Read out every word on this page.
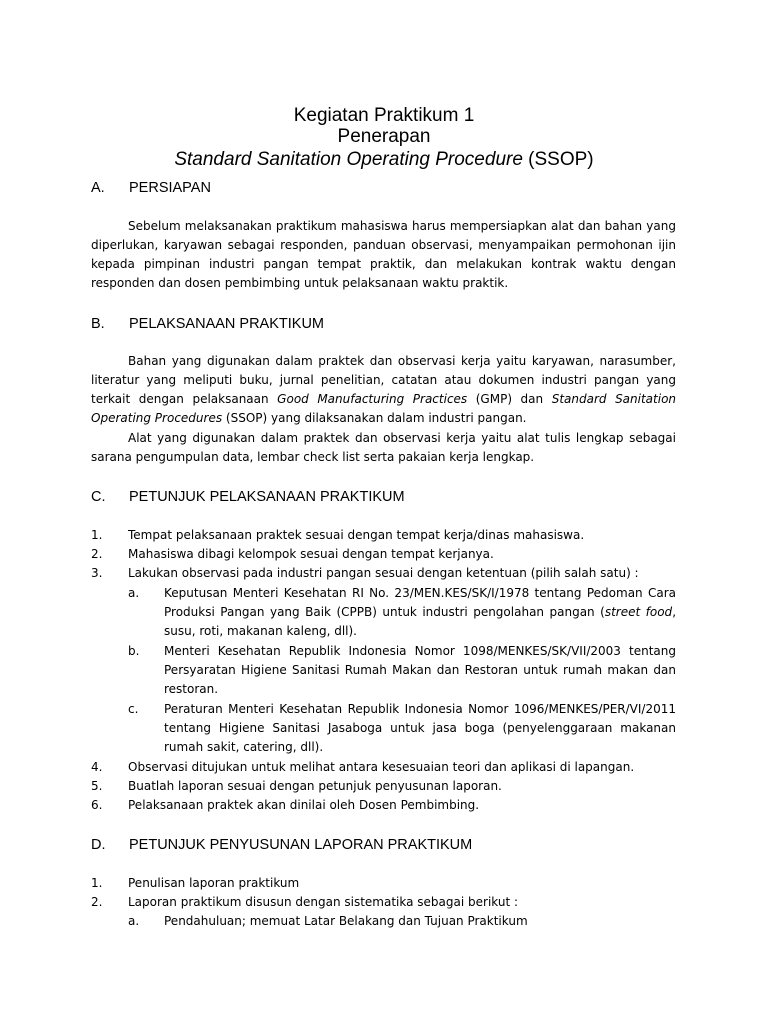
Kegiatan Praktikum 1
Penerapan
Standard Sanitation Operating Procedure (SSOP)
A. PERSIAPAN
Sebelum melaksanakan praktikum mahasiswa harus mempersiapkan alat dan bahan yang diperlukan, karyawan sebagai responden, panduan observasi, menyampaikan permohonan ijin kepada pimpinan industri pangan tempat praktik, dan melakukan kontrak waktu dengan responden dan dosen pembimbing untuk pelaksanaan waktu praktik.
B. PELAKSANAAN PRAKTIKUM
Bahan yang digunakan dalam praktek dan observasi kerja yaitu karyawan, narasumber, literatur yang meliputi buku, jurnal penelitian, catatan atau dokumen industri pangan yang terkait dengan pelaksanaan Good Manufacturing Practices (GMP) dan Standard Sanitation Operating Procedures (SSOP) yang dilaksanakan dalam industri pangan.
Alat yang digunakan dalam praktek dan observasi kerja yaitu alat tulis lengkap sebagai sarana pengumpulan data, lembar check list serta pakaian kerja lengkap.
C. PETUNJUK PELAKSANAAN PRAKTIKUM
1. Tempat pelaksanaan praktek sesuai dengan tempat kerja/dinas mahasiswa.
2. Mahasiswa dibagi kelompok sesuai dengan tempat kerjanya.
3. Lakukan observasi pada industri pangan sesuai dengan ketentuan (pilih salah satu) :
a. Keputusan Menteri Kesehatan RI No. 23/MEN.KES/SK/I/1978 tentang Pedoman Cara Produksi Pangan yang Baik (CPPB) untuk industri pengolahan pangan (street food, susu, roti, makanan kaleng, dll).
b. Menteri Kesehatan Republik Indonesia Nomor 1098/MENKES/SK/VII/2003 tentang Persyaratan Higiene Sanitasi Rumah Makan dan Restoran untuk rumah makan dan restoran.
c. Peraturan Menteri Kesehatan Republik Indonesia Nomor 1096/MENKES/PER/VI/2011 tentang Higiene Sanitasi Jasaboga untuk jasa boga (penyelenggaraan makanan rumah sakit, catering, dll).
4. Observasi ditujukan untuk melihat antara kesesuaian teori dan aplikasi di lapangan.
5. Buatlah laporan sesuai dengan petunjuk penyusunan laporan.
6. Pelaksanaan praktek akan dinilai oleh Dosen Pembimbing.
D. PETUNJUK PENYUSUNAN LAPORAN PRAKTIKUM
1. Penulisan laporan praktikum
2. Laporan praktikum disusun dengan sistematika sebagai berikut :
a. Pendahuluan; memuat Latar Belakang dan Tujuan Praktikum
